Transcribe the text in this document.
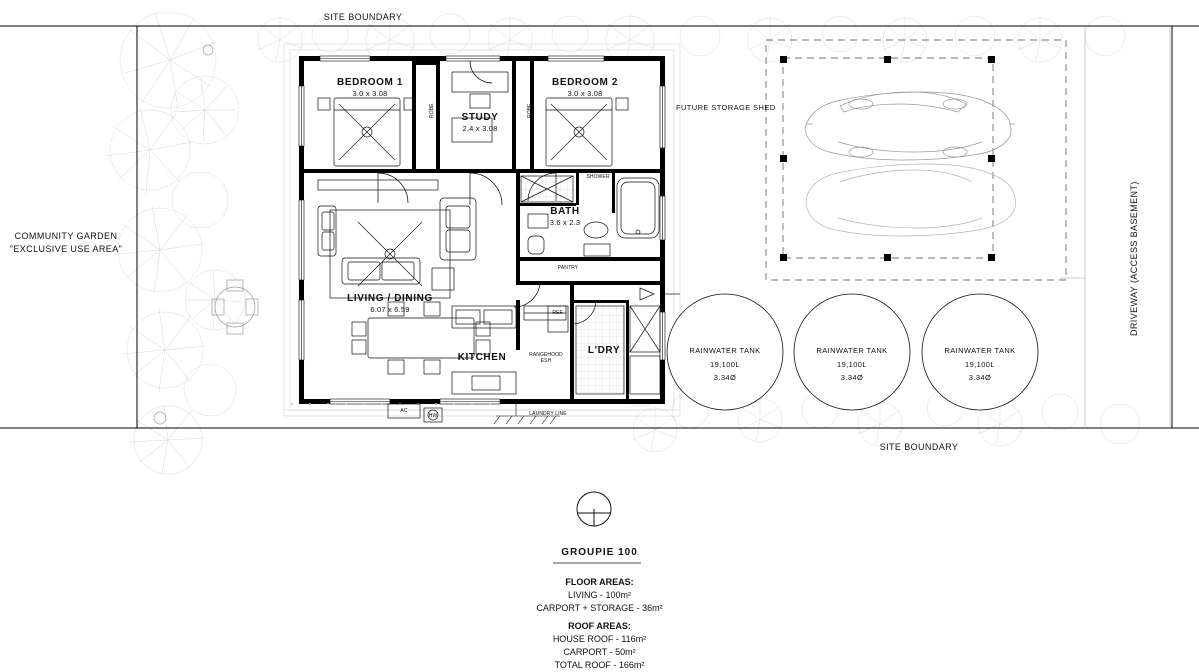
SITE BOUNDARY
SITE BOUNDARY
COMMUNITY GARDEN
"EXCLUSIVE USE AREA"	DRIVEWAY (ACCESS BASEMENT)
FUTURE STORAGE SHED
BEDROOM 1
3.0 x 3.08
BEDROOM 2
3.0 x 3.08
STUDY
2.4 x 3.08
BATH
3.6 x 2.3
LIVING / DINING
6.07 x 6.59
KITCHEN
L'DRY
ROBE	ROBE
SHOWER
PANTRY
REF.
RANGEHOOD ESH
AC
HW	LAUNDRY LINE
RAINWATER TANK
19,100L
3.34Ø
RAINWATER TANK
19,100L
3.34Ø
RAINWATER TANK
19,100L
3.34Ø
GROUPIE 100
FLOOR AREAS:
LIVING - 100m²
CARPORT + STORAGE - 36m²
ROOF AREAS:
HOUSE ROOF - 116m²
CARPORT - 50m²
TOTAL ROOF - 166m²
